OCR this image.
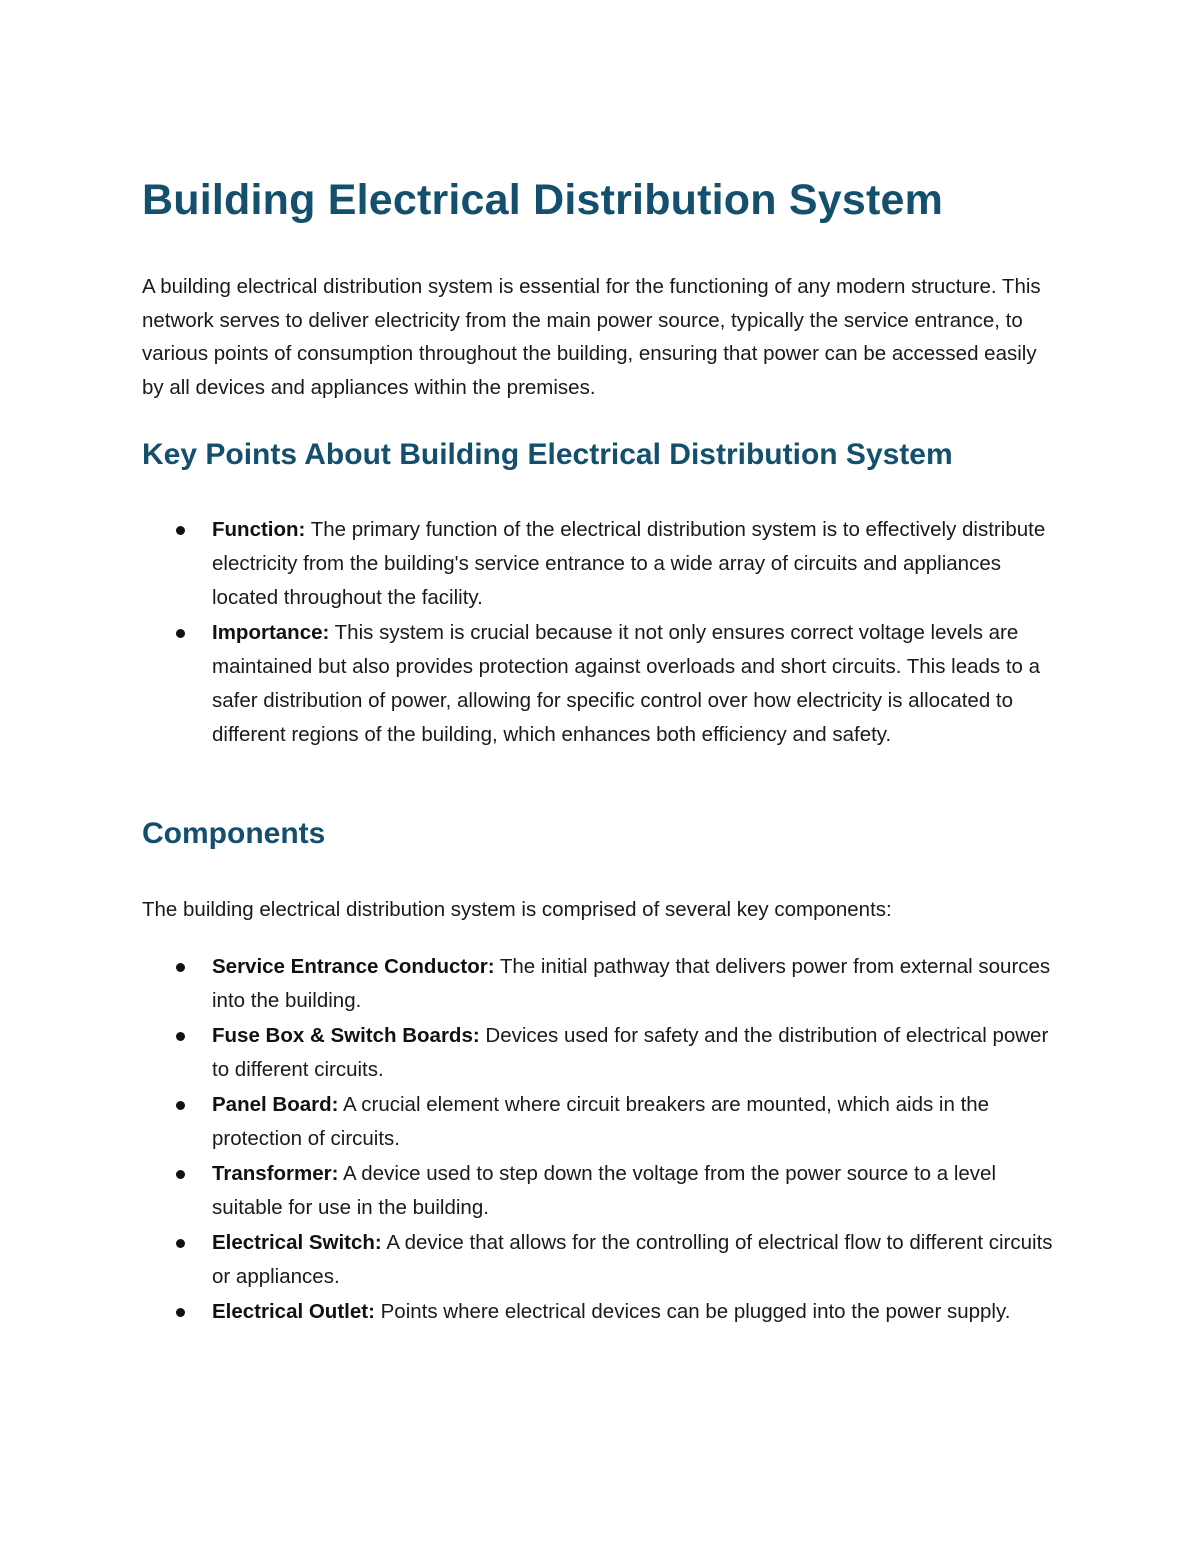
Building Electrical Distribution System

A building electrical distribution system is essential for the functioning of any modern structure. This network serves to deliver electricity from the main power source, typically the service entrance, to various points of consumption throughout the building, ensuring that power can be accessed easily by all devices and appliances within the premises.

Key Points About Building Electrical Distribution System
Function: The primary function of the electrical distribution system is to effectively distribute electricity from the building's service entrance to a wide array of circuits and appliances located throughout the facility.
Importance: This system is crucial because it not only ensures correct voltage levels are maintained but also provides protection against overloads and short circuits. This leads to a safer distribution of power, allowing for specific control over how electricity is allocated to different regions of the building, which enhances both efficiency and safety.
Components

The building electrical distribution system is comprised of several key components:

Service Entrance Conductor: The initial pathway that delivers power from external sources into the building.
Fuse Box & Switch Boards: Devices used for safety and the distribution of electrical power to different circuits.
Panel Board: A crucial element where circuit breakers are mounted, which aids in the protection of circuits.
Transformer: A device used to step down the voltage from the power source to a level suitable for use in the building.
Electrical Switch: A device that allows for the controlling of electrical flow to different circuits or appliances.
Electrical Outlet: Points where electrical devices can be plugged into the power supply.
